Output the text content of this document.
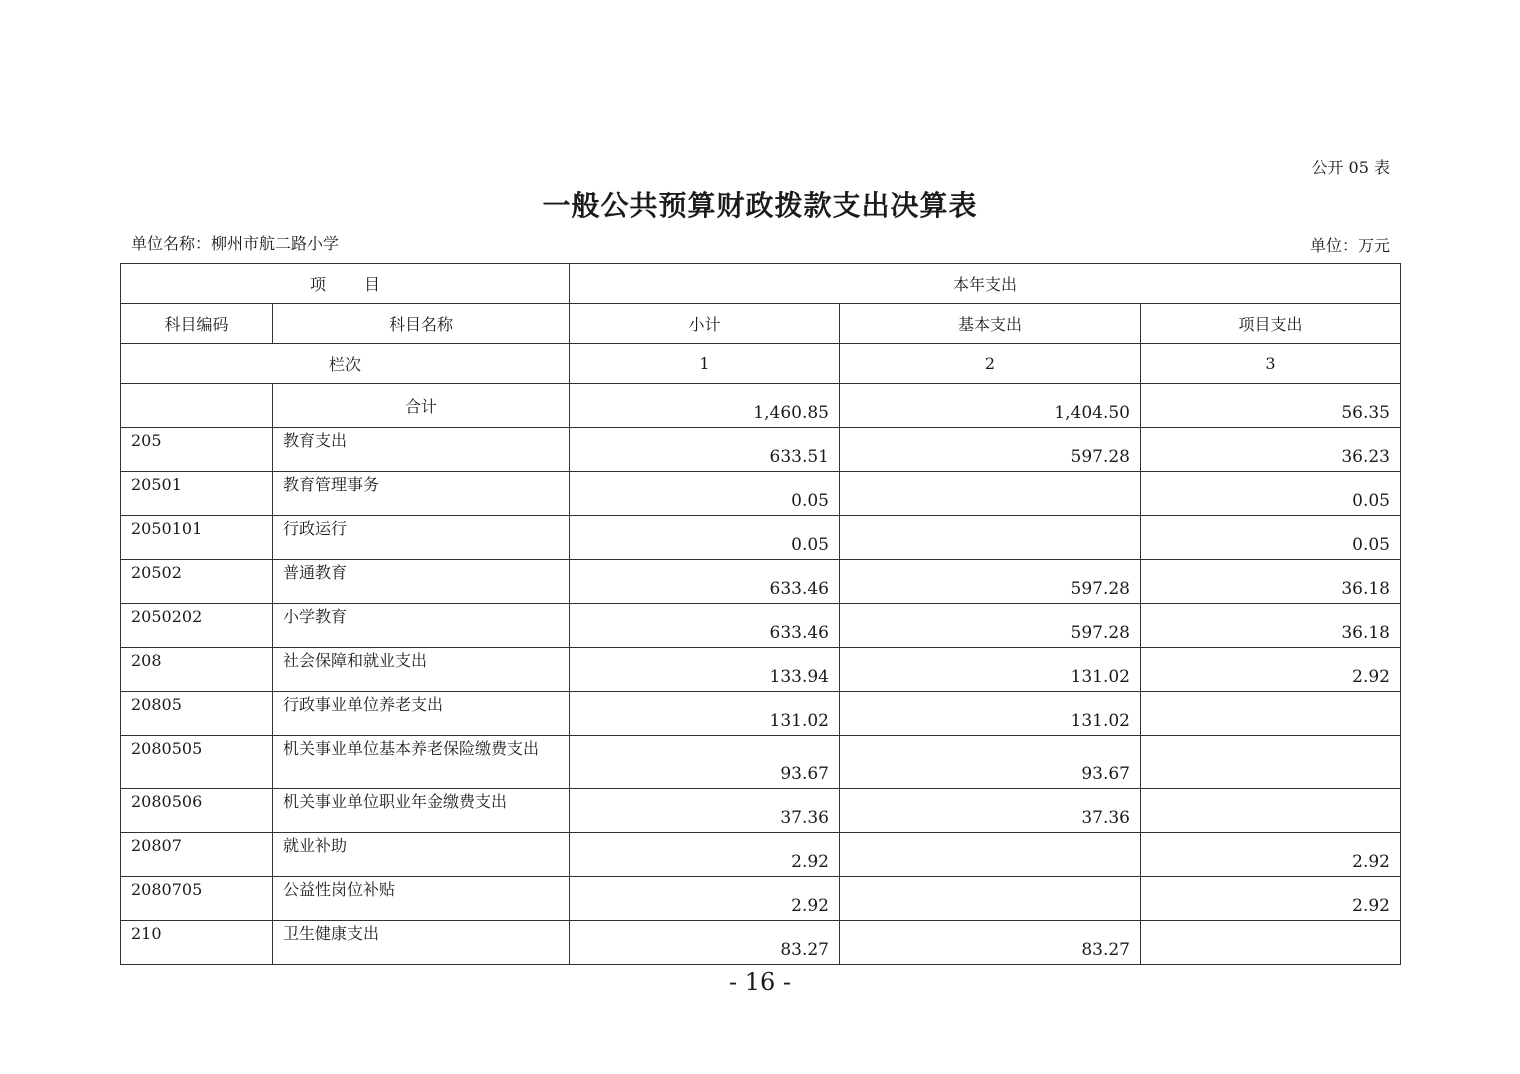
公开 05 表
一般公共预算财政拨款支出决算表
单位名称：柳州市航二路小学	单位：万元
项 目		本年支出		
科目编码	科目名称	小计	基本支出	项目支出
栏次		1	2	3
	合计	1,460.85	1,404.50	56.35
205	教育支出	633.51	597.28	36.23
20501	教育管理事务	0.05		0.05
2050101	行政运行	0.05		0.05
20502	普通教育	633.46	597.28	36.18
2050202	小学教育	633.46	597.28	36.18
208	社会保障和就业支出	133.94	131.02	2.92
20805	行政事业单位养老支出	131.02	131.02	
2080505	机关事业单位基本养老保险缴费支出	93.67	93.67	
2080506	机关事业单位职业年金缴费支出	37.36	37.36	
20807	就业补助	2.92		2.92
2080705	公益性岗位补贴	2.92		2.92
210	卫生健康支出	83.27	83.27	
- 16 -
